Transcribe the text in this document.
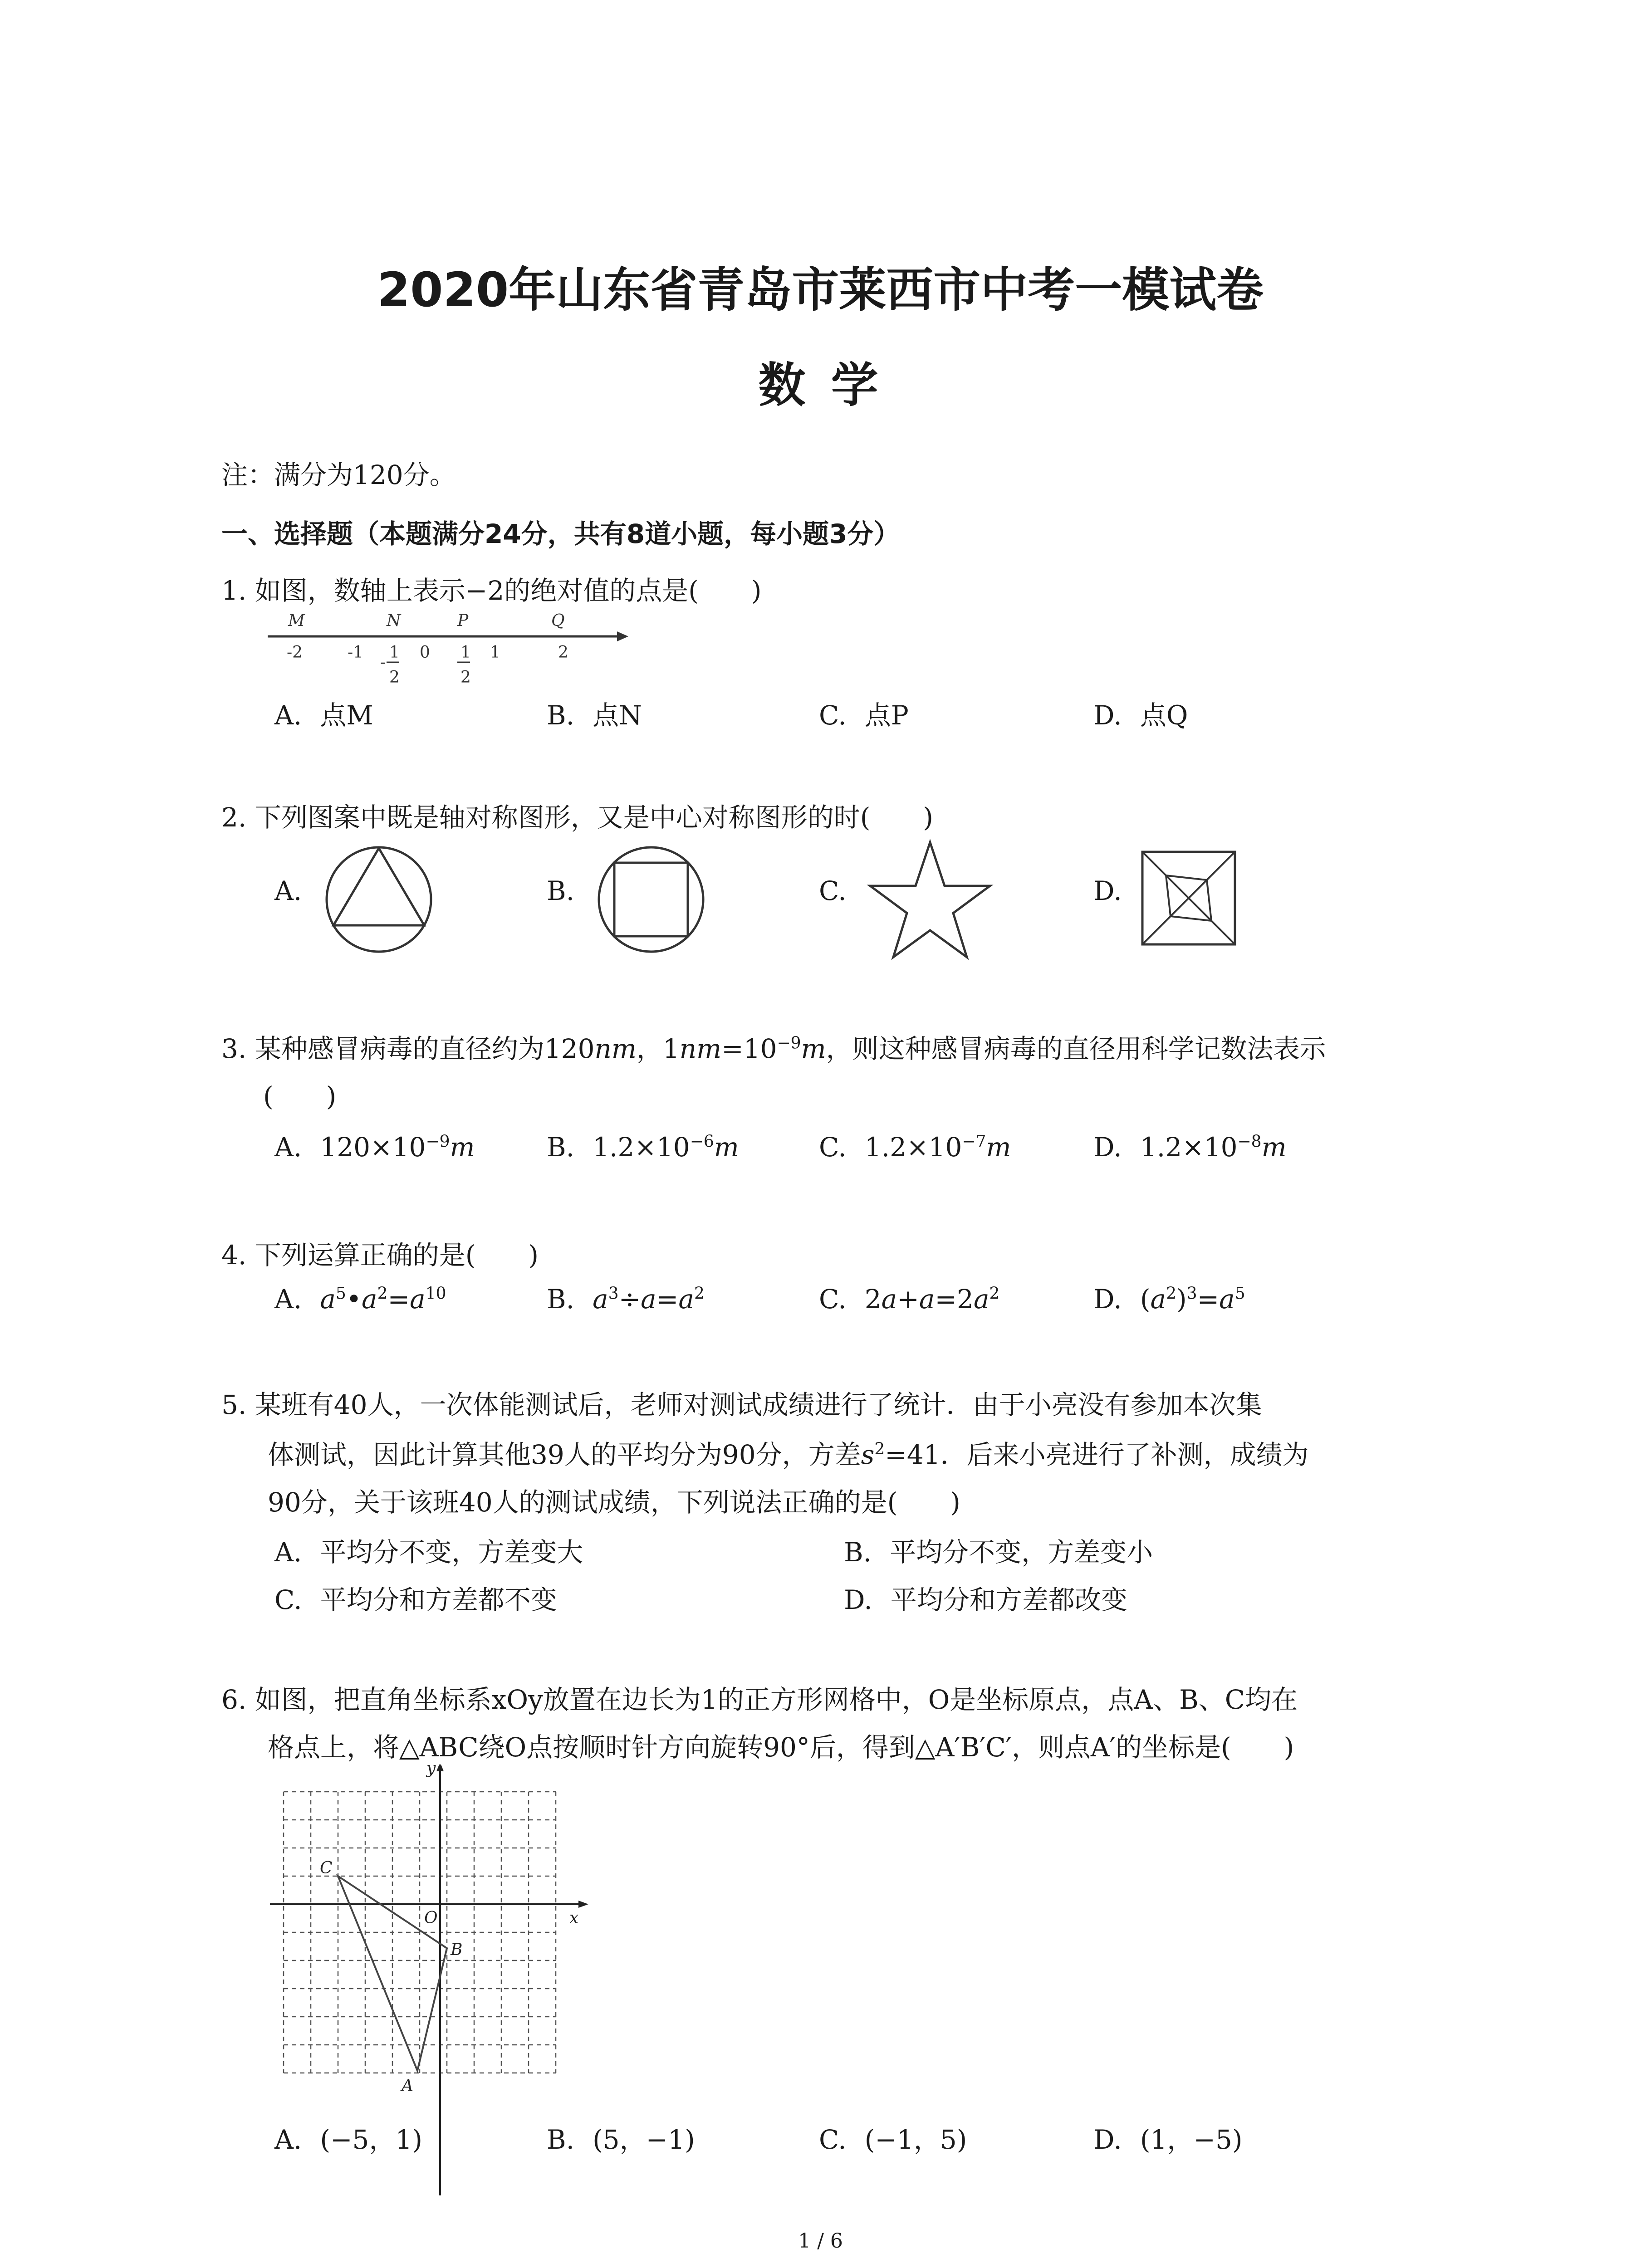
2020年山东省青岛市莱西市中考一模试卷
数 学
注：满分为120分。
一、选择题（本题满分24分，共有8道小题，每小题3分）
1. 如图，数轴上表示−2的绝对值的点是(　　)
M	N	P	Q
-2	-1	0	1	2
-
1
2
1
2
A. 点M	B. 点N	C. 点P	D. 点Q
2. 下列图案中既是轴对称图形，又是中心对称图形的时(　　)
A.	B.	C.	D.
3. 某种感冒病毒的直径约为120nm，$1nm=10^{-9}m$，则这种感冒病毒的直径用科学记数法表示
(　　)
A. $120\times 10^{-9}m$	B. $1.2\times 10^{-6}m$	C. $1.2\times 10^{-7}m$	D. $1.2\times 10^{-8}m$
4. 下列运算正确的是(　　)
A. $a^5•a^2=a^{10}$	B. $a^3\div a=a^2$	C. $2a+a=2a^2$	D. $(a^2)^3=a^5$
5. 某班有40人，一次体能测试后，老师对测试成绩进行了统计．由于小亮没有参加本次集
体测试，因此计算其他39人的平均分为90分，方差$s^2=41$．后来小亮进行了补测，成绩为
90分，关于该班40人的测试成绩，下列说法正确的是(　　)
A. 平均分不变，方差变大	B. 平均分不变，方差变小
C. 平均分和方差都不变	D. 平均分和方差都改变
6. 如图，把直角坐标系xOy放置在边长为1的正方形网格中，O是坐标原点，点A、B、C均在
格点上，将△ABC绕O点按顺时针方向旋转90°后，得到△A′B′C′，则点A′的坐标是(　　)
y
x
O
C
B
A
A. (−5，1)	B. (5，−1)	C. (−1，5)	D. (1，−5)
1 / 6
